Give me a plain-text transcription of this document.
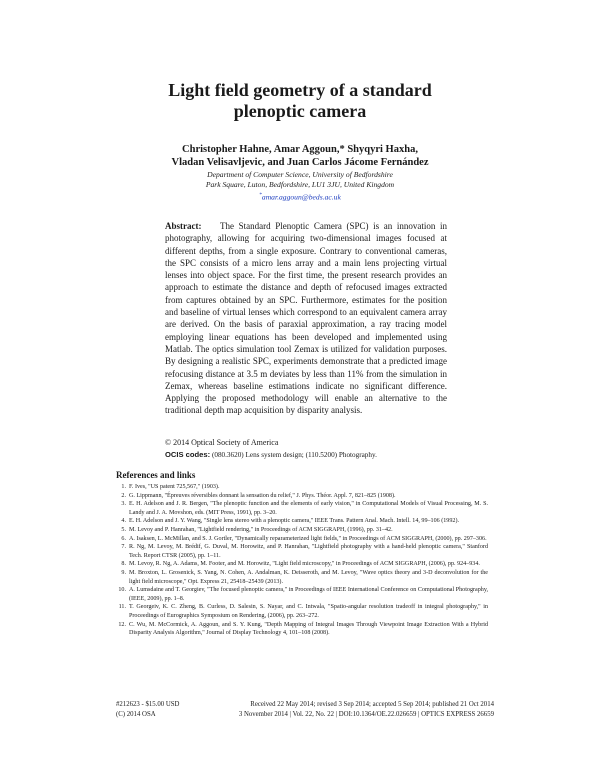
Light field geometry of a standard
plenoptic camera
Christopher Hahne, Amar Aggoun,* Shyqyri Haxha,
Vladan Velisavljevic, and Juan Carlos Jácome Fernández
Department of Computer Science, University of Bedfordshire
Park Square, Luton, Bedfordshire, LU1 3JU, United Kingdom
*amar.aggoun@beds.ac.uk
Abstract: The Standard Plenoptic Camera (SPC) is an innovation in photography, allowing for acquiring two-dimensional images focused at different depths, from a single exposure. Contrary to conventional cameras, the SPC consists of a micro lens array and a main lens projecting virtual lenses into object space. For the first time, the present research provides an approach to estimate the distance and depth of refocused images extracted from captures obtained by an SPC. Furthermore, estimates for the position and baseline of virtual lenses which correspond to an equivalent camera array are derived. On the basis of paraxial approximation, a ray tracing model employing linear equations has been developed and implemented using Matlab. The optics simulation tool Zemax is utilized for validation purposes. By designing a realistic SPC, experiments demonstrate that a predicted image refocusing distance at 3.5 m deviates by less than 11% from the simulation in Zemax, whereas baseline estimations indicate no significant difference. Applying the proposed methodology will enable an alternative to the traditional depth map acquisition by disparity analysis.
© 2014 Optical Society of America
OCIS codes: (080.3620) Lens system design; (110.5200) Photography.
References and links
1. F. Ives, "US patent 725,567," (1903).
2. G. Lippmann, "Épreuves réversibles donnant la sensation du relief," J. Phys. Théor. Appl. 7, 821–825 (1908).
3. E. H. Adelson and J. R. Bergen, "The plenoptic function and the elements of early vision," in Computational Models of Visual Processing, M. S. Landy and J. A. Movshon, eds. (MIT Press, 1991), pp. 3–20.
4. E. H. Adelson and J. Y. Wang, "Single lens stereo with a plenoptic camera," IEEE Trans. Pattern Anal. Mach. Intell. 14, 99–106 (1992).
5. M. Levoy and P. Hanrahan, "Lightfield rendering," in Proceedings of ACM SIGGRAPH, (1996), pp. 31–42.
6. A. Isaksen, L. McMillan, and S. J. Gortler, "Dynamically reparameterized light fields," in Proceedings of ACM SIGGRAPH, (2000), pp. 297–306.
7. R. Ng, M. Levoy, M. Brédif, G. Duval, M. Horowitz, and P. Hanrahan, "Lightfield photography with a hand-held plenoptic camera," Stanford Tech. Report CTSR (2005), pp. 1–11.
8. M. Levoy, R. Ng, A. Adams, M. Footer, and M. Horowitz, "Light field microscopy," in Proceedings of ACM SIGGRAPH, (2006), pp. 924–934.
9. M. Broxton, L. Grosenick, S. Yang, N. Cohen, A. Andalman, K. Deisseroth, and M. Levoy, "Wave optics theory and 3-D deconvolution for the light field microscope," Opt. Express 21, 25418–25439 (2013).
10. A. Lumsdaine and T. Georgiev, "The focused plenoptic camera," in Proceedings of IEEE International Conference on Computational Photography, (IEEE, 2009), pp. 1–8.
11. T. Georgeiv, K. C. Zheng, B. Curless, D. Salesin, S. Nayar, and C. Intwala, "Spatio-angular resolution tradeoff in integral photography," in Proceedings of Eurographics Symposium on Rendering, (2006), pp. 263–272.
12. C. Wu, M. McCormick, A. Aggoun, and S. Y. Kung, "Depth Mapping of Integral Images Through Viewpoint Image Extraction With a Hybrid Disparity Analysis Algorithm," Journal of Display Technology 4, 101–108 (2008).
#212623 - $15.00 USD	Received 22 May 2014; revised 3 Sep 2014; accepted 5 Sep 2014; published 21 Oct 2014
(C) 2014 OSA	3 November 2014 | Vol. 22, No. 22 | DOI:10.1364/OE.22.026659 | OPTICS EXPRESS 26659
